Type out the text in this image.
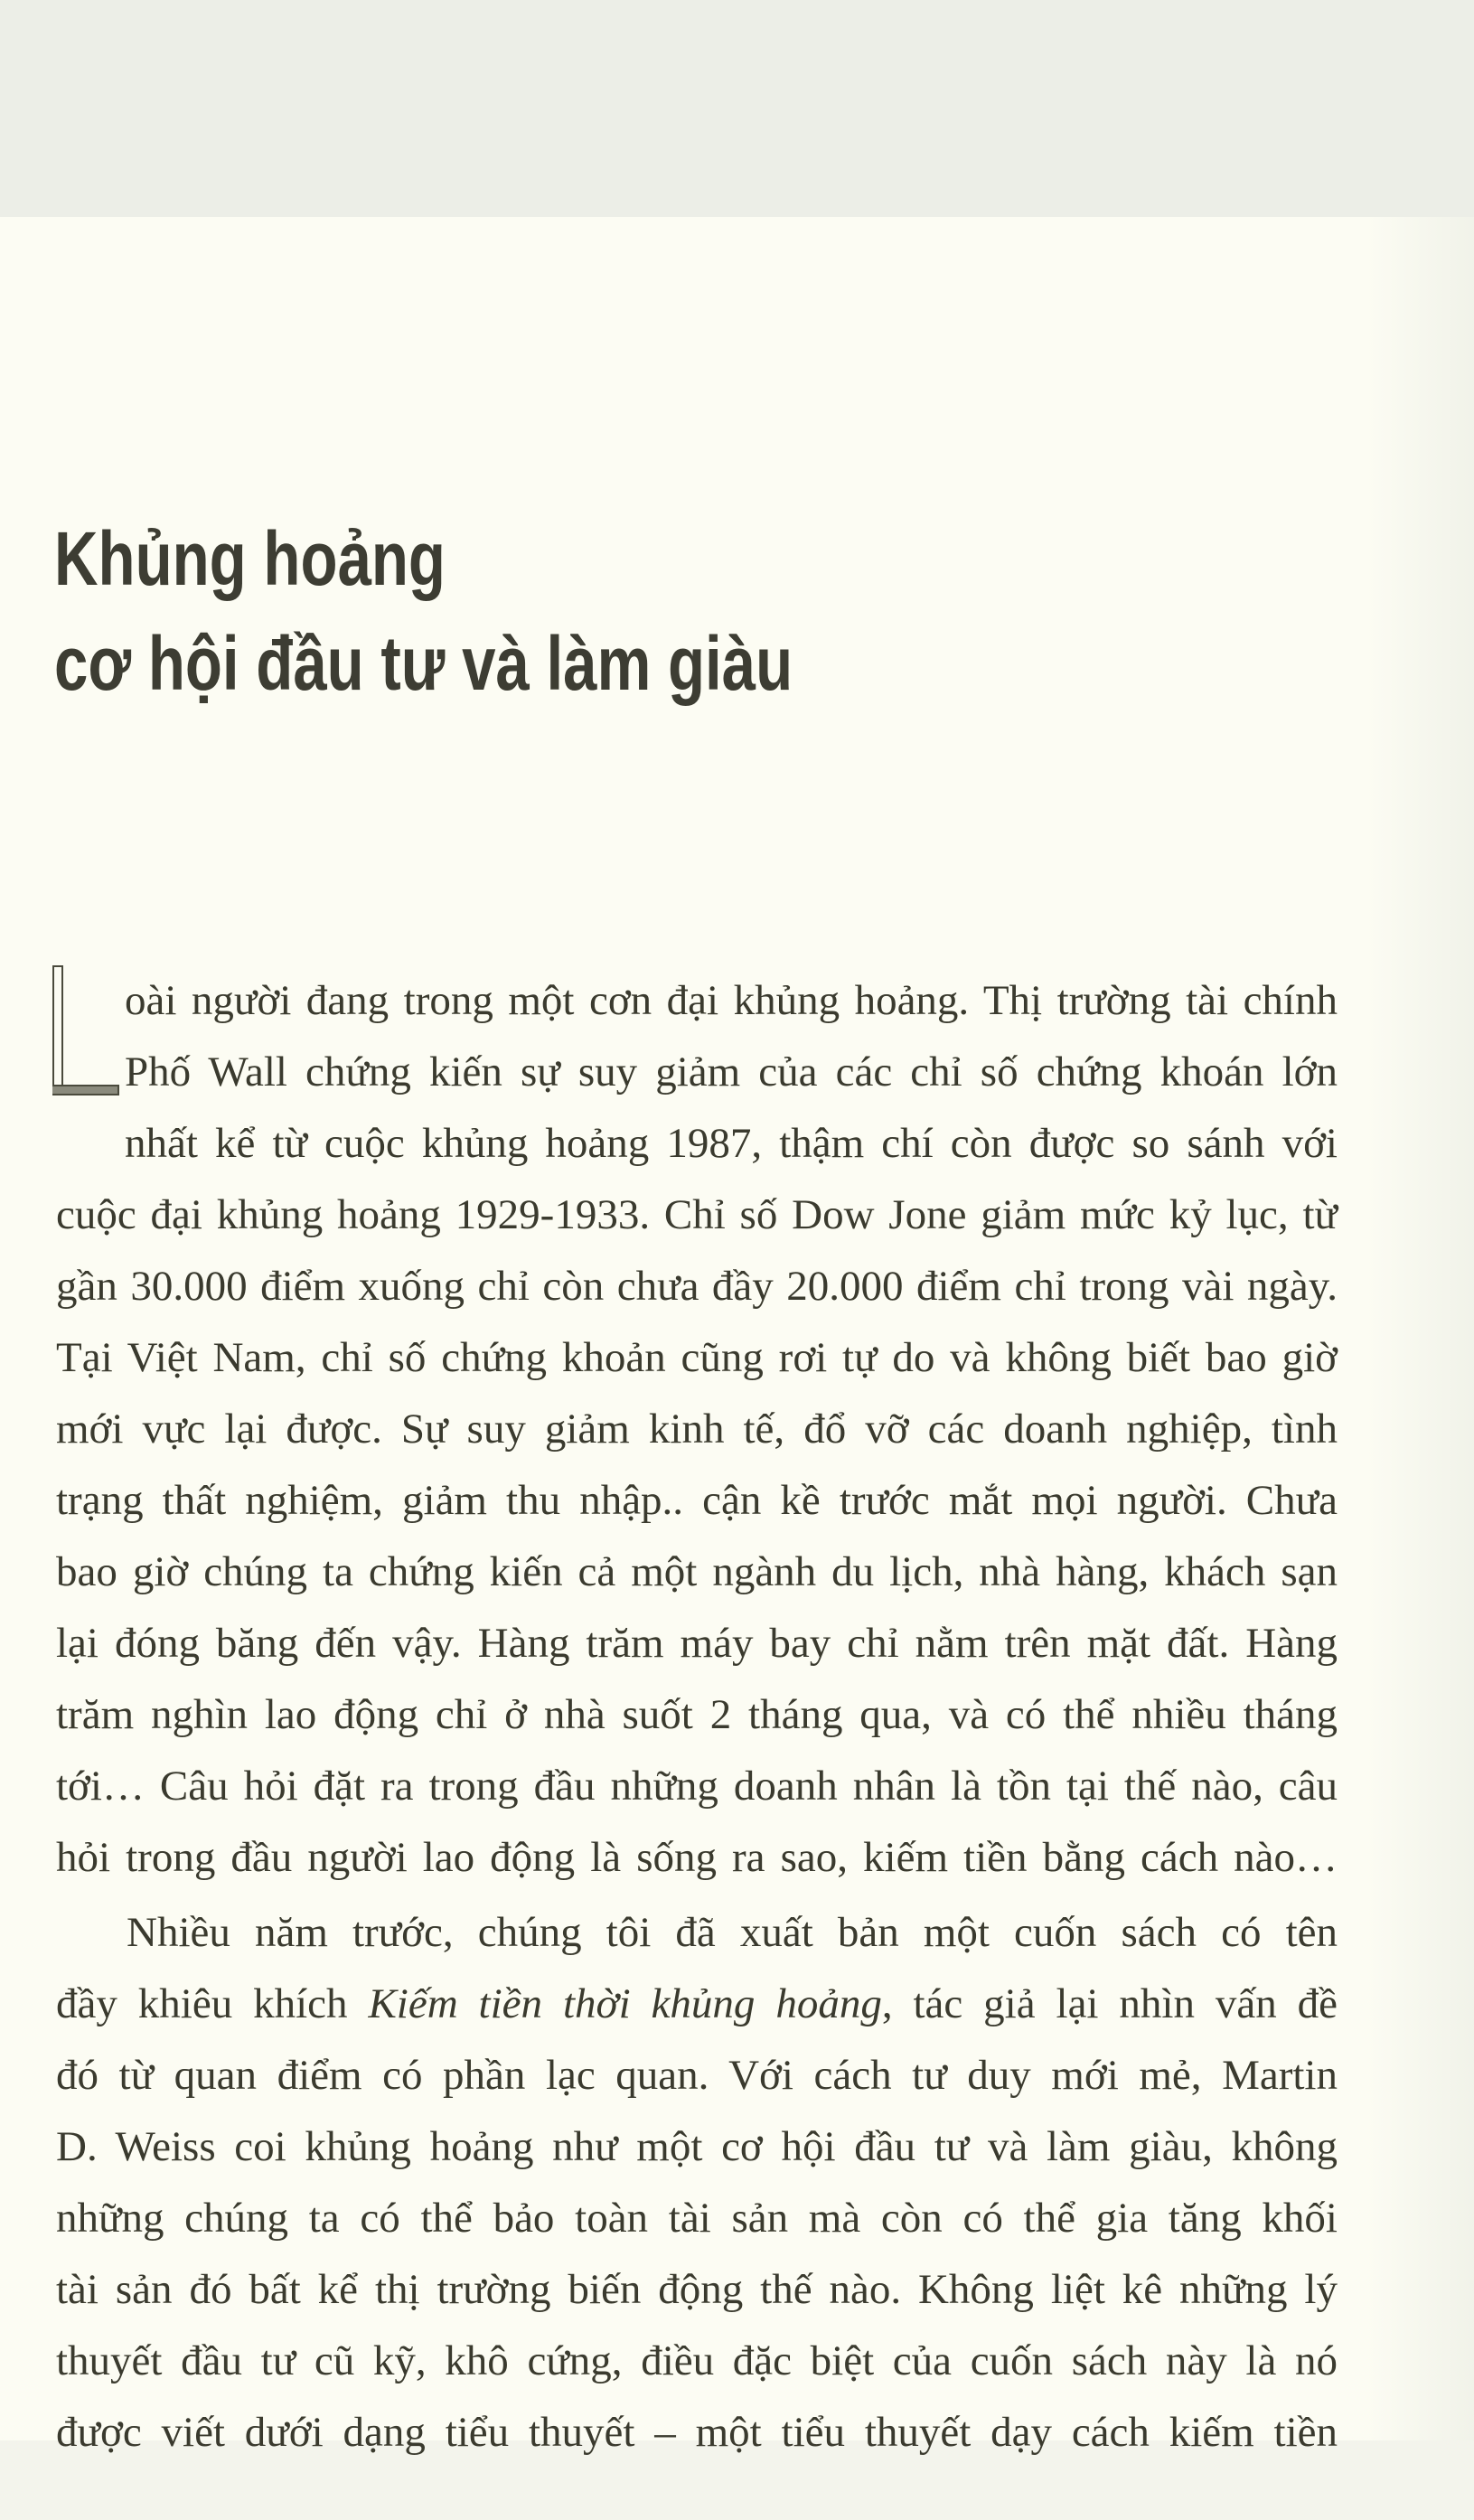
Khủng hoảng
cơ hội đầu tư và làm giàu
oài người đang trong một cơn đại khủng hoảng. Thị trường tài chính
Phố Wall chứng kiến sự suy giảm của các chỉ số chứng khoán lớn
nhất kể từ cuộc khủng hoảng 1987, thậm chí còn được so sánh với
cuộc đại khủng hoảng 1929-1933. Chỉ số Dow Jone giảm mức kỷ lục, từ
gần 30.000 điểm xuống chỉ còn chưa đầy 20.000 điểm chỉ trong vài ngày.
Tại Việt Nam, chỉ số chứng khoản cũng rơi tự do và không biết bao giờ
mới vực lại được. Sự suy giảm kinh tế, đổ vỡ các doanh nghiệp, tình
trạng thất nghiệm, giảm thu nhập.. cận kề trước mắt mọi người. Chưa
bao giờ chúng ta chứng kiến cả một ngành du lịch, nhà hàng, khách sạn
lại đóng băng đến vậy. Hàng trăm máy bay chỉ nằm trên mặt đất. Hàng
trăm nghìn lao động chỉ ở nhà suốt 2 tháng qua, và có thể nhiều tháng
tới… Câu hỏi đặt ra trong đầu những doanh nhân là tồn tại thế nào, câu
hỏi trong đầu người lao động là sống ra sao, kiếm tiền bằng cách nào…
Nhiều năm trước, chúng tôi đã xuất bản một cuốn sách có tên
đầy khiêu khích Kiếm tiền thời khủng hoảng, tác giả lại nhìn vấn đề
đó từ quan điểm có phần lạc quan. Với cách tư duy mới mẻ, Martin
D. Weiss coi khủng hoảng như một cơ hội đầu tư và làm giàu, không
những chúng ta có thể bảo toàn tài sản mà còn có thể gia tăng khối
tài sản đó bất kể thị trường biến động thế nào. Không liệt kê những lý
thuyết đầu tư cũ kỹ, khô cứng, điều đặc biệt của cuốn sách này là nó
được viết dưới dạng tiểu thuyết – một tiểu thuyết dạy cách kiếm tiền
